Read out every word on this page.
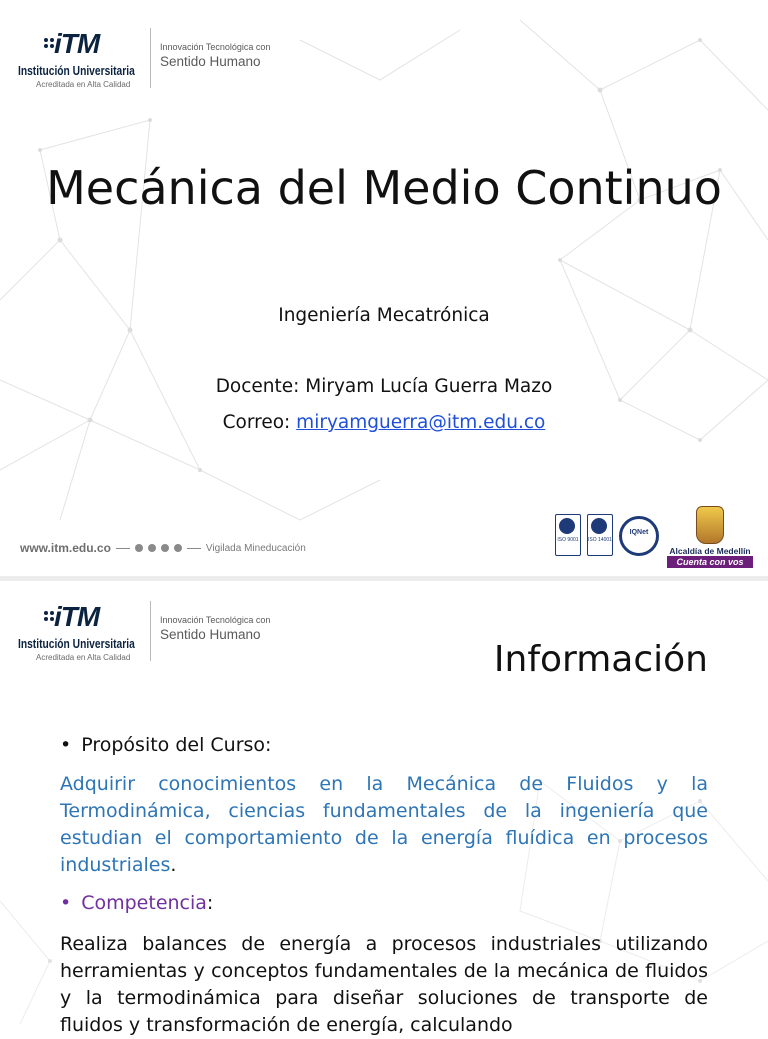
iTM
Institución Universitaria
Acreditada en Alta Calidad
Innovación Tecnológica con
Sentido Humano
Mecánica del Medio Continuo
Ingeniería Mecatrónica
Docente: Miryam Lucía Guerra Mazo
Correo: miryamguerra@itm.edu.co
www.itm.edu.co	Vigilada Mineducación
ISO 9001 ISO 14001
IQNet
Alcaldía de Medellín
Cuenta con vos
iTM
Institución Universitaria
Acreditada en Alta Calidad
Innovación Tecnológica con
Sentido Humano
Información
• Propósito del Curso:
Adquirir conocimientos en la Mecánica de Fluidos y la Termodinámica, ciencias fundamentales de la ingeniería que estudian el comportamiento de la energía fluídica en procesos industriales.
• Competencia:
Realiza balances de energía a procesos industriales utilizando herramientas y conceptos fundamentales de la mecánica de fluidos y la termodinámica para diseñar soluciones de transporte de fluidos y transformación de energía, calculando
